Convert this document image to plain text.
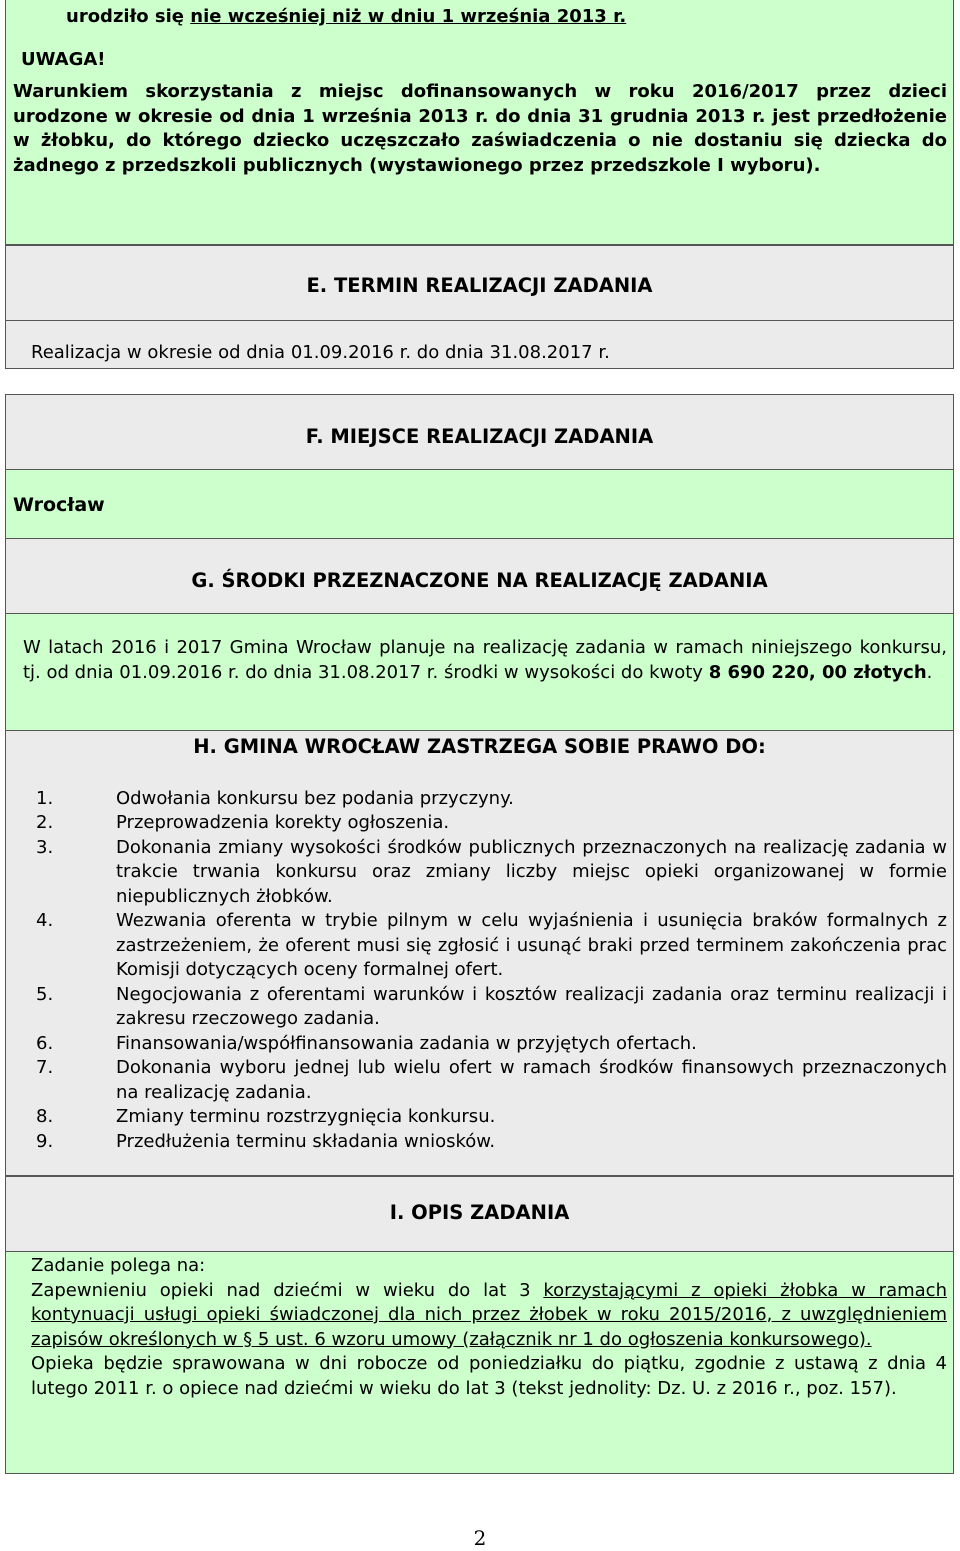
urodziło się nie wcześniej niż w dniu 1 września 2013 r.
UWAGA!
Warunkiem skorzystania z miejsc dofinansowanych w roku 2016/2017 przez dzieci urodzone w okresie od dnia 1 września 2013 r. do dnia 31 grudnia 2013 r. jest przedłożenie w żłobku, do którego dziecko uczęszczało zaświadczenia o nie dostaniu się dziecka do żadnego z przedszkoli publicznych (wystawionego przez przedszkole I wyboru).
E. TERMIN REALIZACJI ZADANIA
Realizacja w okresie od dnia 01.09.2016 r. do dnia 31.08.2017 r.
F. MIEJSCE REALIZACJI ZADANIA
Wrocław
G. ŚRODKI PRZEZNACZONE NA REALIZACJĘ ZADANIA
W latach 2016 i 2017 Gmina Wrocław planuje na realizację zadania w ramach niniejszego konkursu, tj. od dnia 01.09.2016 r. do dnia 31.08.2017 r. środki w wysokości do kwoty 8 690 220, 00 złotych.
H. GMINA WROCŁAW ZASTRZEGA SOBIE PRAWO DO:
1.	Odwołania konkursu bez podania przyczyny.
2.	Przeprowadzenia korekty ogłoszenia.
3.	Dokonania zmiany wysokości środków publicznych przeznaczonych na realizację zadania w trakcie trwania konkursu oraz zmiany liczby miejsc opieki organizowanej w formie niepublicznych żłobków.
4.	Wezwania oferenta w trybie pilnym w celu wyjaśnienia i usunięcia braków formalnych z zastrzeżeniem, że oferent musi się zgłosić i usunąć braki przed terminem zakończenia prac Komisji dotyczących oceny formalnej ofert.
5.	Negocjowania z oferentami warunków i kosztów realizacji zadania oraz terminu realizacji i zakresu rzeczowego zadania.
6.	Finansowania/współfinansowania zadania w przyjętych ofertach.
7.	Dokonania wyboru jednej lub wielu ofert w ramach środków finansowych przeznaczonych na realizację zadania.
8.	Zmiany terminu rozstrzygnięcia konkursu.
9.	Przedłużenia terminu składania wniosków.
I. OPIS ZADANIA
Zadanie polega na:
Zapewnieniu opieki nad dziećmi w wieku do lat 3 korzystającymi z opieki żłobka w ramach kontynuacji usługi opieki świadczonej dla nich przez żłobek w roku 2015/2016, z uwzględnieniem zapisów określonych w § 5 ust. 6 wzoru umowy (załącznik nr 1 do ogłoszenia konkursowego).
Opieka będzie sprawowana w dni robocze od poniedziałku do piątku, zgodnie z ustawą z dnia 4 lutego 2011 r. o opiece nad dziećmi w wieku do lat 3 (tekst jednolity: Dz. U. z 2016 r., poz. 157).
2
